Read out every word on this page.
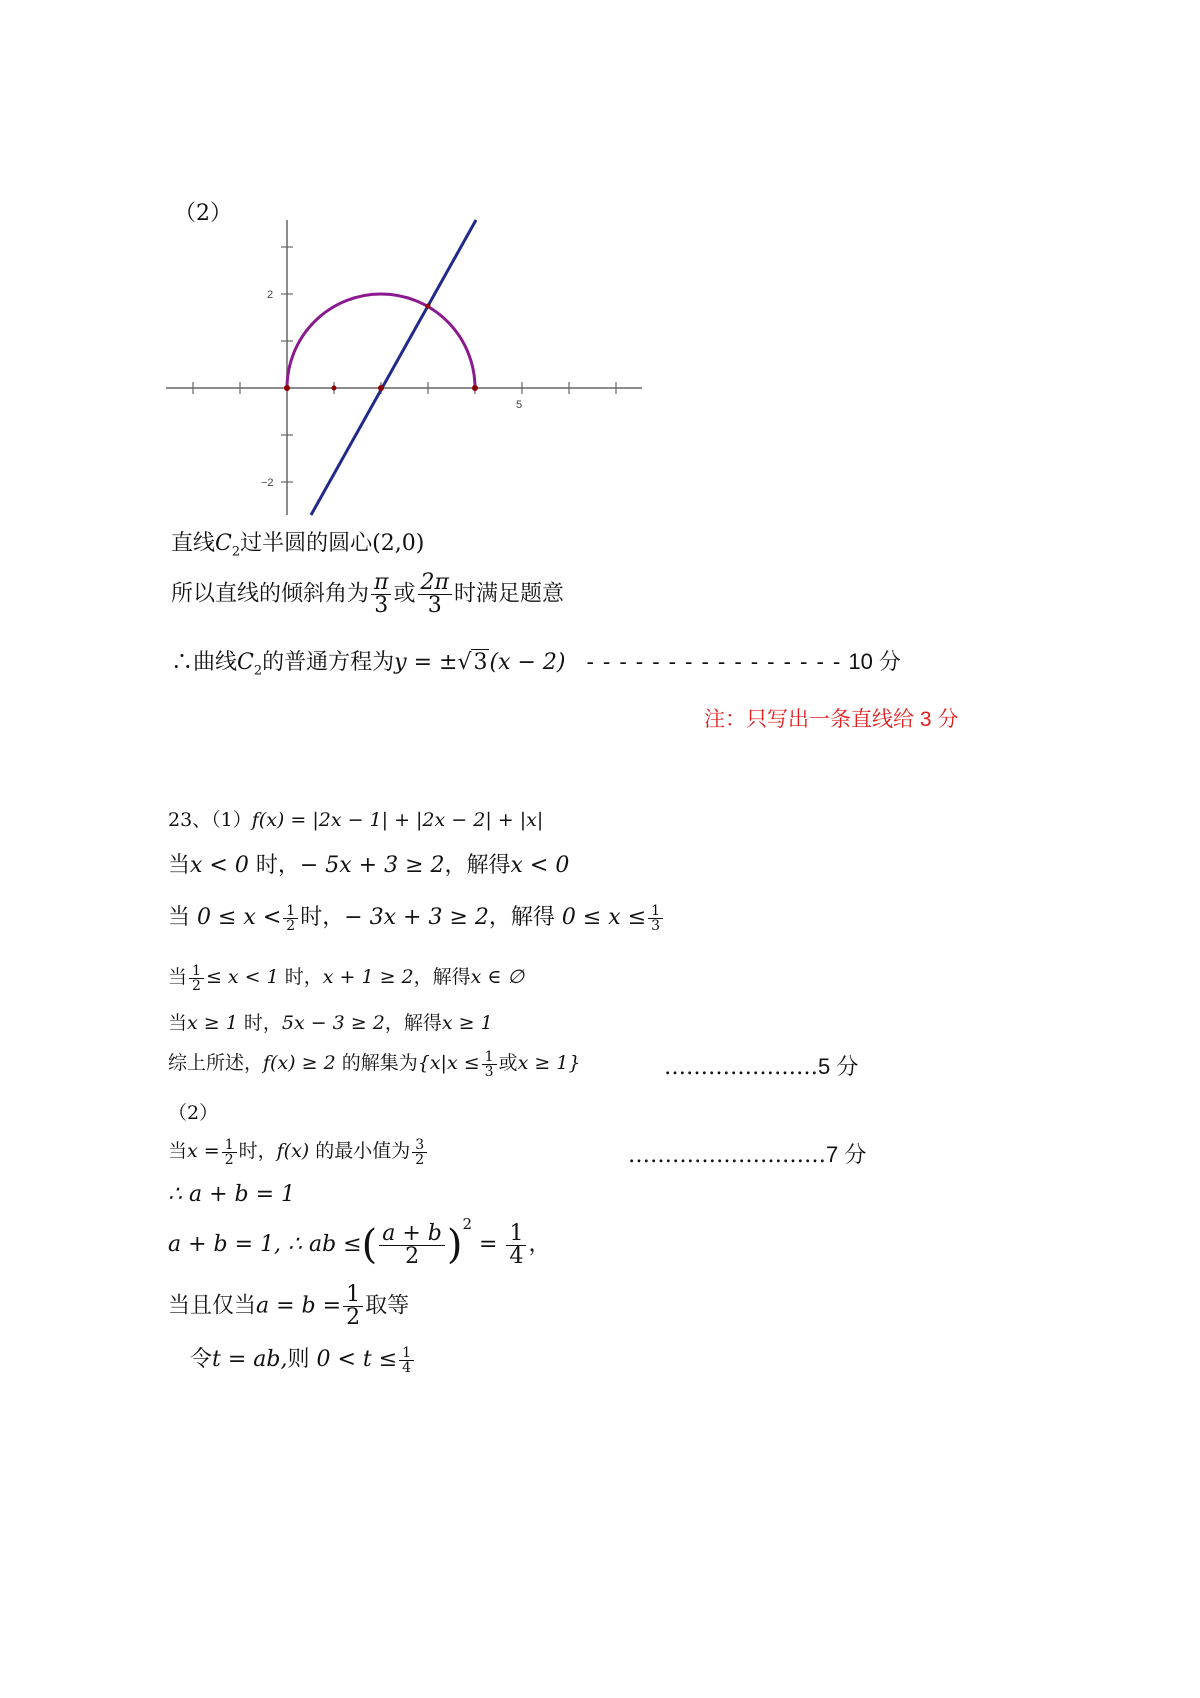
（2）
5
2
−2
直线$C_2$过半圆的圆心(2,0)
所以直线的倾斜角为 $\frac{\pi}{3}$ 或 $\frac{2\pi}{3}$ 时满足题意
∴曲线$C_2$的普通方程为y = ±√3(x − 2) - - - - - - - - - - - - - - - - 10 分
注：只写出一条直线给 3 分
23、（1）f(x) = |2x − 1| + |2x − 2| + |x|
当x < 0 时，− 5x + 3 ≥ 2，解得x < 0
当 $0 \le x < \frac{1}{2}$ 时，− 3x + 3 ≥ 2，解得 $0 \le x \le \frac{1}{3}$
当 $\frac{1}{2} \le x < 1$ 时，x + 1 ≥ 2，解得x ∈ ∅
当x ≥ 1 时，5x − 3 ≥ 2，解得x ≥ 1
综上所述，f(x) ≥ 2 的解集为{$x|x \le \frac{1}{3}$ 或x ≥ 1}	…………………5 分
（2）
当$x = \frac{1}{2}$ 时，f(x) 的最小值为 $\frac{3}{2}$	………………………7 分
∴ a + b = 1
a + b = 1, ∴ ab ≤( $\frac{a + b}{2} )^2 = \frac{1}{4}$ ，
当且仅当$a = b = \frac{1}{2}$ 取等
令t = ab,则 $0 < t \le \frac{1}{4}$
